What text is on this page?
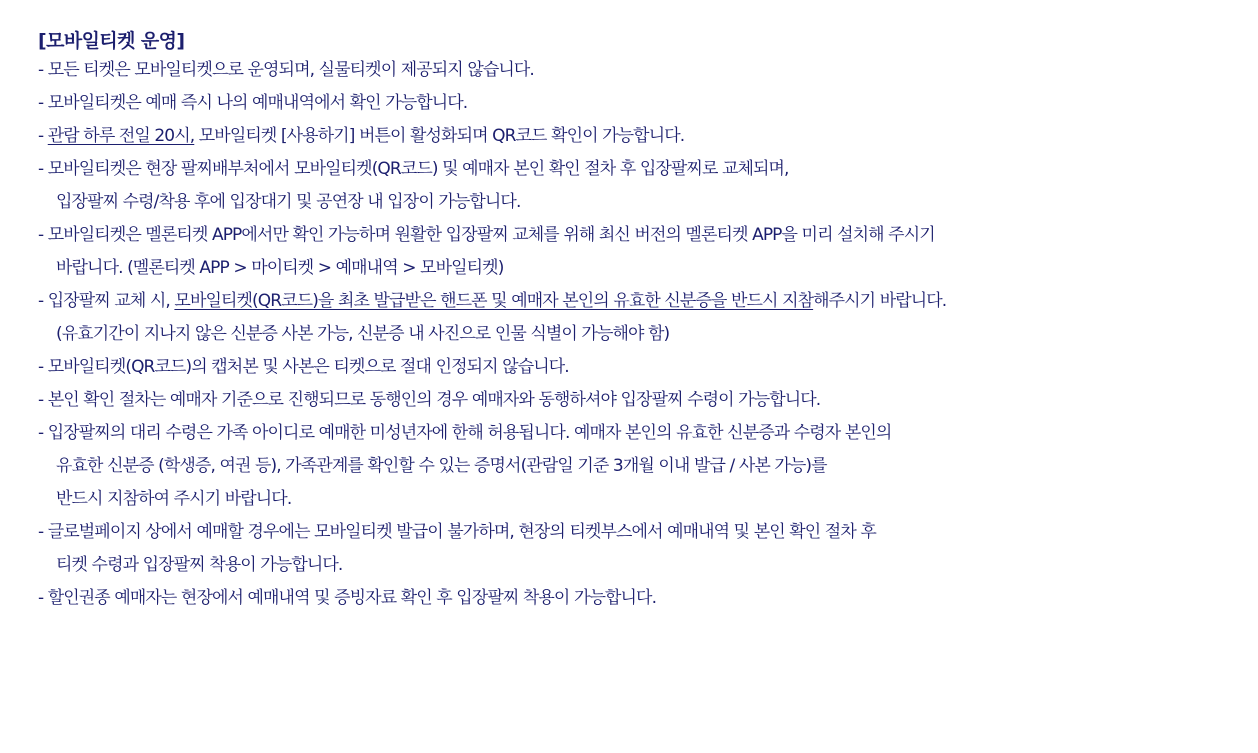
[모바일티켓 운영]
- 모든 티켓은 모바일티켓으로 운영되며, 실물티켓이 제공되지 않습니다.
- 모바일티켓은 예매 즉시 나의 예매내역에서 확인 가능합니다.
- 관람 하루 전일 20시, 모바일티켓 [사용하기] 버튼이 활성화되며 QR코드 확인이 가능합니다.
- 모바일티켓은 현장 팔찌배부처에서 모바일티켓(QR코드) 및 예매자 본인 확인 절차 후 입장팔찌로 교체되며,
입장팔찌 수령/착용 후에 입장대기 및 공연장 내 입장이 가능합니다.
- 모바일티켓은 멜론티켓 APP에서만 확인 가능하며 원활한 입장팔찌 교체를 위해 최신 버전의 멜론티켓 APP을 미리 설치해 주시기
바랍니다. (멜론티켓 APP > 마이티켓 > 예매내역 > 모바일티켓)
- 입장팔찌 교체 시, 모바일티켓(QR코드)을 최초 발급받은 핸드폰 및 예매자 본인의 유효한 신분증을 반드시 지참해주시기 바랍니다.
(유효기간이 지나지 않은 신분증 사본 가능, 신분증 내 사진으로 인물 식별이 가능해야 함)
- 모바일티켓(QR코드)의 캡처본 및 사본은 티켓으로 절대 인정되지 않습니다.
- 본인 확인 절차는 예매자 기준으로 진행되므로 동행인의 경우 예매자와 동행하셔야 입장팔찌 수령이 가능합니다.
- 입장팔찌의 대리 수령은 가족 아이디로 예매한 미성년자에 한해 허용됩니다. 예매자 본인의 유효한 신분증과 수령자 본인의
유효한 신분증 (학생증, 여권 등), 가족관계를 확인할 수 있는 증명서(관람일 기준 3개월 이내 발급 / 사본 가능)를
반드시 지참하여 주시기 바랍니다.
- 글로벌페이지 상에서 예매할 경우에는 모바일티켓 발급이 불가하며, 현장의 티켓부스에서 예매내역 및 본인 확인 절차 후
티켓 수령과 입장팔찌 착용이 가능합니다.
- 할인권종 예매자는 현장에서 예매내역 및 증빙자료 확인 후 입장팔찌 착용이 가능합니다.
